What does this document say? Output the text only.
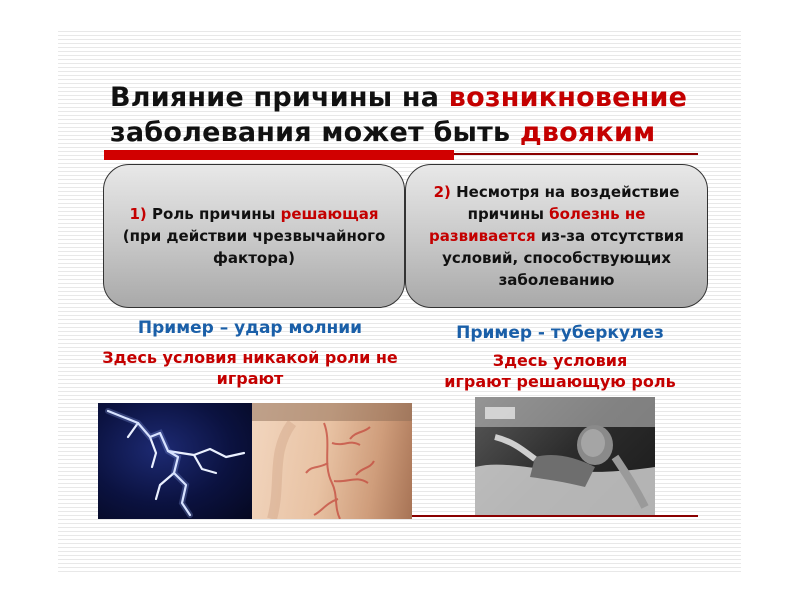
Влияние причины на возникновение
заболевания может быть двояким
1) Роль причины решающая
(при действии чрезвычайного фактора)
2) Несмотря на воздействие причины болезнь не развивается из-за отсутствия условий, способствующих заболеванию
Пример – удар молнии
Здесь условия никакой роли не играют
Пример - туберкулез
Здесь условия
играют решающую роль
